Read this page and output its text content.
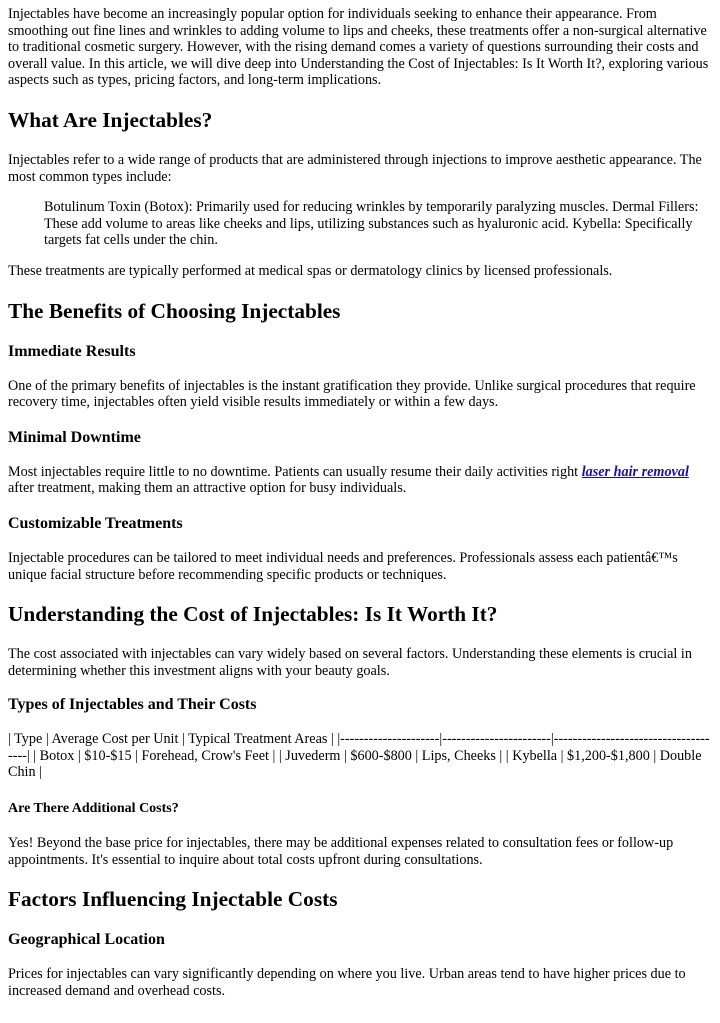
Injectables have become an increasingly popular option for individuals seeking to enhance their appearance. From smoothing out fine lines and wrinkles to adding volume to lips and cheeks, these treatments offer a non-surgical alternative to traditional cosmetic surgery. However, with the rising demand comes a variety of questions surrounding their costs and overall value. In this article, we will dive deep into Understanding the Cost of Injectables: Is It Worth It?, exploring various aspects such as types, pricing factors, and long-term implications.

What Are Injectables?

Injectables refer to a wide range of products that are administered through injections to improve aesthetic appearance. The most common types include:

Botulinum Toxin (Botox): Primarily used for reducing wrinkles by temporarily paralyzing muscles. Dermal Fillers: These add volume to areas like cheeks and lips, utilizing substances such as hyaluronic acid. Kybella: Specifically targets fat cells under the chin.

These treatments are typically performed at medical spas or dermatology clinics by licensed professionals.

The Benefits of Choosing Injectables
Immediate Results

One of the primary benefits of injectables is the instant gratification they provide. Unlike surgical procedures that require recovery time, injectables often yield visible results immediately or within a few days.

Minimal Downtime

Most injectables require little to no downtime. Patients can usually resume their daily activities right laser hair removal after treatment, making them an attractive option for busy individuals.

Customizable Treatments

Injectable procedures can be tailored to meet individual needs and preferences. Professionals assess each patientâ€™s unique facial structure before recommending specific products or techniques.

Understanding the Cost of Injectables: Is It Worth It?

The cost associated with injectables can vary widely based on several factors. Understanding these elements is crucial in determining whether this investment aligns with your beauty goals.

Types of Injectables and Their Costs

| Type | Average Cost per Unit | Typical Treatment Areas | |---------------------|-----------------------|-------------------------------------| | Botox | $10-$15 | Forehead, Crow's Feet | | Juvederm | $600-$800 | Lips, Cheeks | | Kybella | $1,200-$1,800 | Double Chin |

Are There Additional Costs?

Yes! Beyond the base price for injectables, there may be additional expenses related to consultation fees or follow-up appointments. It's essential to inquire about total costs upfront during consultations.

Factors Influencing Injectable Costs
Geographical Location

Prices for injectables can vary significantly depending on where you live. Urban areas tend to have higher prices due to increased demand and overhead costs.
